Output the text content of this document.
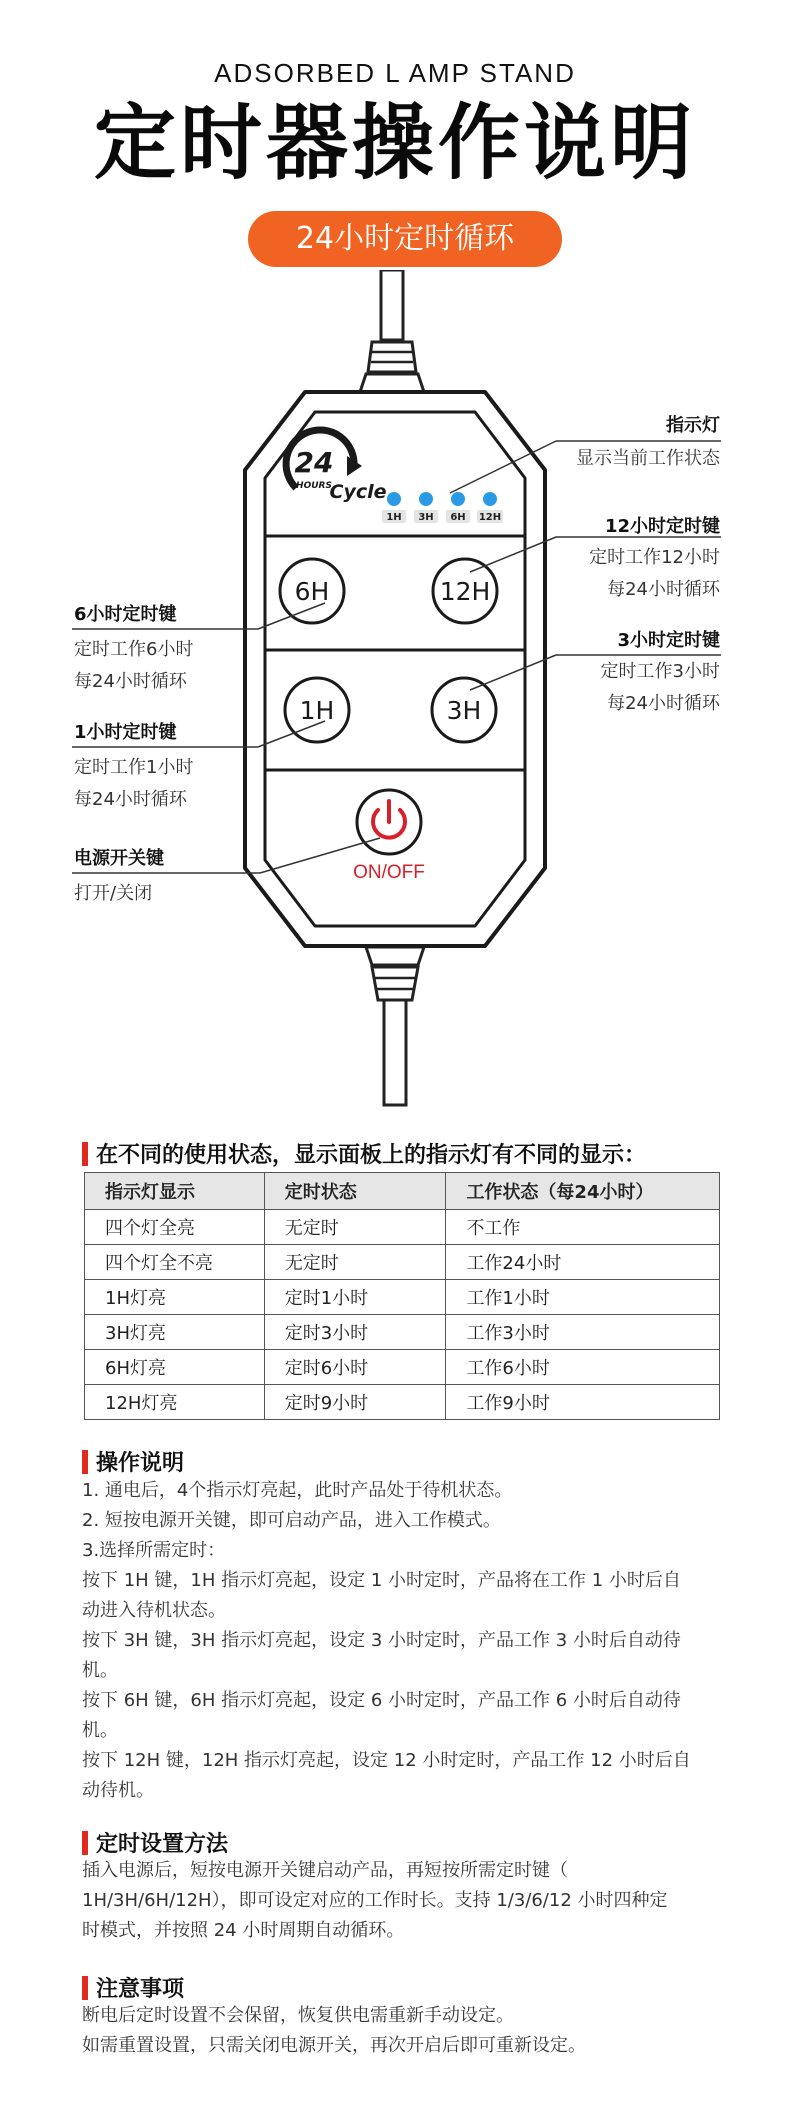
ADSORBED L AMP STAND
定时器操作说明
24小时定时循环
24
HOURS
Cycle
1H 3H 6H 12H
6H	12H
1H	3H
ON/OFF
指示灯
显示当前工作状态
12小时定时键
定时工作12小时
每24小时循环
3小时定时键
定时工作3小时
每24小时循环
6小时定时键
定时工作6小时
每24小时循环
1小时定时键
定时工作1小时
每24小时循环
电源开关键
打开/关闭
在不同的使用状态，显示面板上的指示灯有不同的显示：
指示灯显示	定时状态	工作状态（每24小时）
四个灯全亮	无定时	不工作
四个灯全不亮	无定时	工作24小时
1H灯亮	定时1小时	工作1小时
3H灯亮	定时3小时	工作3小时
6H灯亮	定时6小时	工作6小时
12H灯亮	定时9小时	工作9小时
操作说明

1. 通电后，4个指示灯亮起，此时产品处于待机状态。

2. 短按电源开关键，即可启动产品，进入工作模式。

3.选择所需定时：

按下 1H 键，1H 指示灯亮起，设定 1 小时定时，产品将在工作 1 小时后自

动进入待机状态。

按下 3H 键，3H 指示灯亮起，设定 3 小时定时，产品工作 3 小时后自动待

机。

按下 6H 键，6H 指示灯亮起，设定 6 小时定时，产品工作 6 小时后自动待

机。

按下 12H 键，12H 指示灯亮起，设定 12 小时定时，产品工作 12 小时后自

动待机。

定时设置方法

插入电源后，短按电源开关键启动产品，再短按所需定时键（

1H/3H/6H/12H），即可设定对应的工作时长。支持 1/3/6/12 小时四种定

时模式，并按照 24 小时周期自动循环。

注意事项

断电后定时设置不会保留，恢复供电需重新手动设定。

如需重置设置，只需关闭电源开关，再次开启后即可重新设定。
